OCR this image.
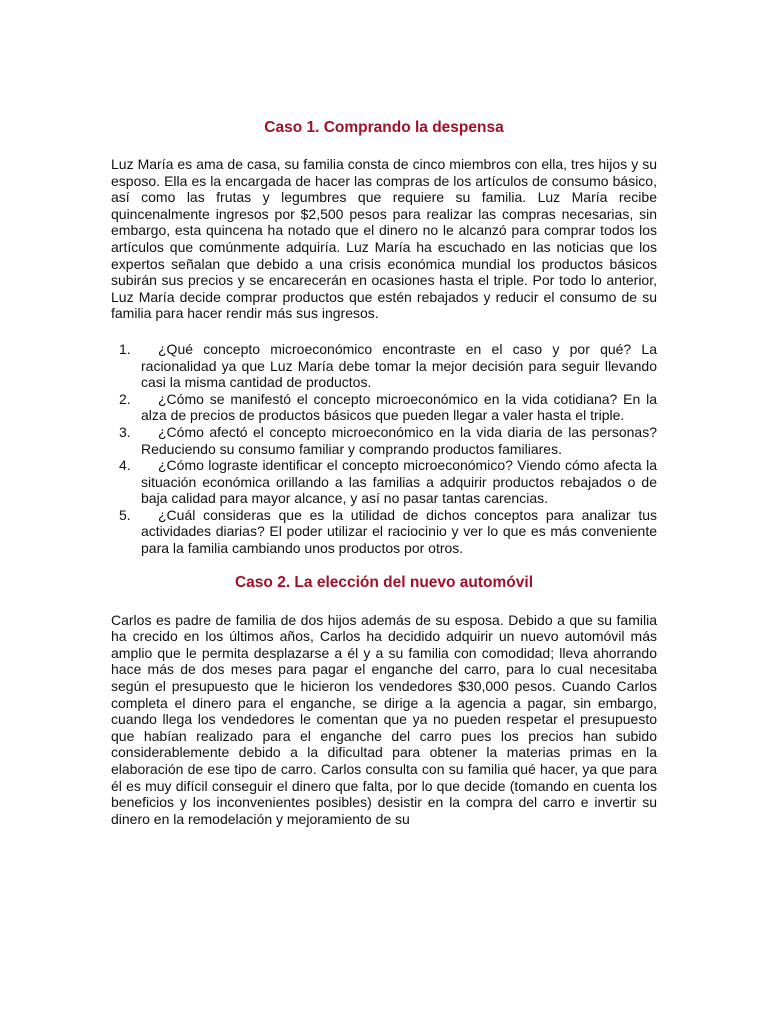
Caso 1. Comprando la despensa

Luz María es ama de casa, su familia consta de cinco miembros con ella, tres hijos y su esposo. Ella es la encargada de hacer las compras de los artículos de consumo básico, así como las frutas y legumbres que requiere su familia. Luz María recibe quincenalmente ingresos por $2,500 pesos para realizar las compras necesarias, sin embargo, esta quincena ha notado que el dinero no le alcanzó para comprar todos los artículos que comúnmente adquiría. Luz María ha escuchado en las noticias que los expertos señalan que debido a una crisis económica mundial los productos básicos subirán sus precios y se encarecerán en ocasiones hasta el triple. Por todo lo anterior, Luz María decide comprar productos que estén rebajados y reducir el consumo de su familia para hacer rendir más sus ingresos.

1.	¿Qué concepto microeconómico encontraste en el caso y por qué? La racionalidad ya que Luz María debe tomar la mejor decisión para seguir llevando casi la misma cantidad de productos.
2.	¿Cómo se manifestó el concepto microeconómico en la vida cotidiana? En la alza de precios de productos básicos que pueden llegar a valer hasta el triple.
3.	¿Cómo afectó el concepto microeconómico en la vida diaria de las personas? Reduciendo su consumo familiar y comprando productos familiares.
4.	¿Cómo lograste identificar el concepto microeconómico? Viendo cómo afecta la situación económica orillando a las familias a adquirir productos rebajados o de baja calidad para mayor alcance, y así no pasar tantas carencias.
5.	¿Cuál consideras que es la utilidad de dichos conceptos para analizar tus actividades diarias? El poder utilizar el raciocinio y ver lo que es más conveniente para la familia cambiando unos productos por otros.
Caso 2. La elección del nuevo automóvil

Carlos es padre de familia de dos hijos además de su esposa. Debido a que su familia ha crecido en los últimos años, Carlos ha decidido adquirir un nuevo automóvil más amplio que le permita desplazarse a él y a su familia con comodidad; lleva ahorrando hace más de dos meses para pagar el enganche del carro, para lo cual necesitaba según el presupuesto que le hicieron los vendedores $30,000 pesos. Cuando Carlos completa el dinero para el enganche, se dirige a la agencia a pagar, sin embargo, cuando llega los vendedores le comentan que ya no pueden respetar el presupuesto que habían realizado para el enganche del carro pues los precios han subido considerablemente debido a la dificultad para obtener la materias primas en la elaboración de ese tipo de carro. Carlos consulta con su familia qué hacer, ya que para él es muy difícil conseguir el dinero que falta, por lo que decide (tomando en cuenta los beneficios y los inconvenientes posibles) desistir en la compra del carro e invertir su dinero en la remodelación y mejoramiento de su
